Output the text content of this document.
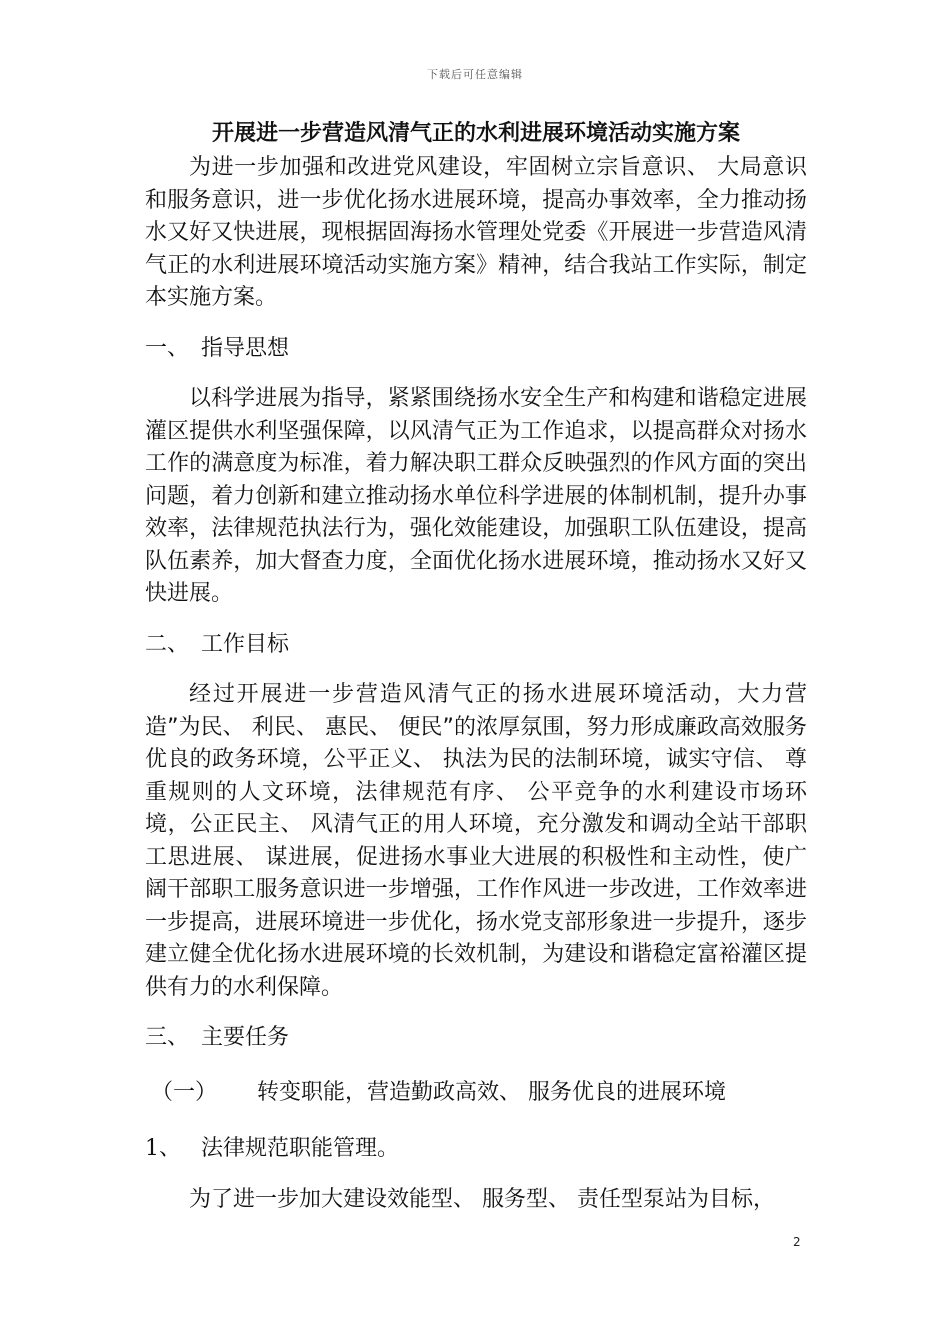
下载后可任意编辑
开展进一步营造风清气正的水利进展环境活动实施方案

为进一步加强和改进党风建设，牢固树立宗旨意识、 大局意识和服务意识，进一步优化扬水进展环境，提高办事效率，全力推动扬水又好又快进展，现根据固海扬水管理处党委《开展进一步营造风清气正的水利进展环境活动实施方案》精神，结合我站工作实际，制定本实施方案。

一、 指导思想

以科学进展为指导，紧紧围绕扬水安全生产和构建和谐稳定进展灌区提供水利坚强保障，以风清气正为工作追求，以提高群众对扬水工作的满意度为标准，着力解决职工群众反映强烈的作风方面的突出问题，着力创新和建立推动扬水单位科学进展的体制机制，提升办事效率，法律规范执法行为，强化效能建设，加强职工队伍建设，提高队伍素养，加大督查力度，全面优化扬水进展环境，推动扬水又好又快进展。

二、 工作目标

经过开展进一步营造风清气正的扬水进展环境活动，大力营造”为民、 利民、 惠民、 便民”的浓厚氛围，努力形成廉政高效服务优良的政务环境，公平正义、 执法为民的法制环境，诚实守信、 尊重规则的人文环境，法律规范有序、 公平竞争的水利建设市场环境，公正民主、 风清气正的用人环境，充分激发和调动全站干部职工思进展、 谋进展，促进扬水事业大进展的积极性和主动性，使广阔干部职工服务意识进一步增强，工作作风进一步改进，工作效率进一步提高，进展环境进一步优化，扬水党支部形象进一步提升，逐步建立健全优化扬水进展环境的长效机制，为建设和谐稳定富裕灌区提供有力的水利保障。

三、 主要任务
（一） 转变职能，营造勤政高效、 服务优良的进展环境
1、 法律规范职能管理。

为了进一步加大建设效能型、 服务型、 责任型泵站为目标，

2
